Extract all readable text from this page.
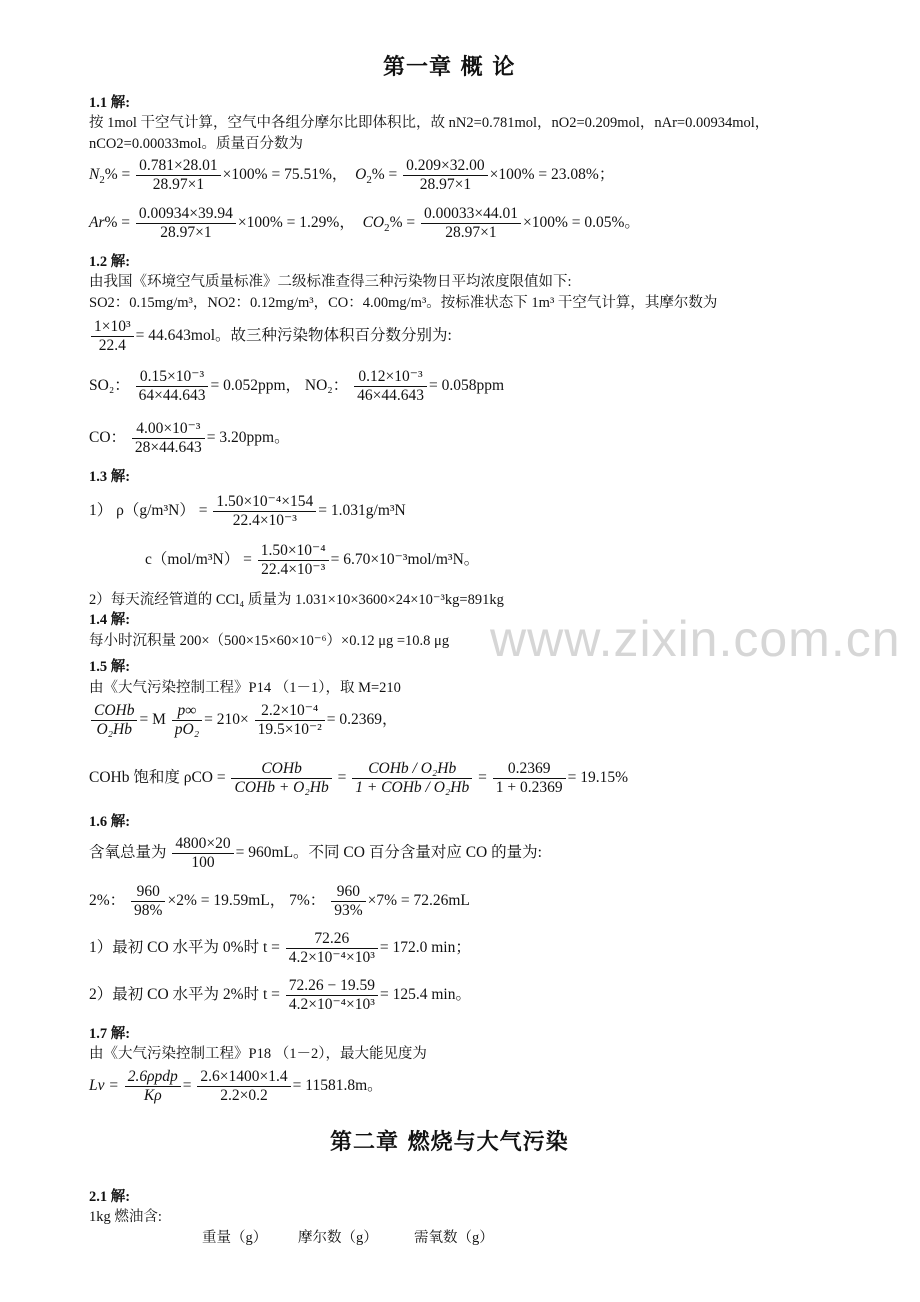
www.zixin.com.cn
第一章 概 论
1.1 解:
按 1mol 干空气计算，空气中各组分摩尔比即体积比，故 nN2=0.781mol，nO2=0.209mol，nAr=0.00934mol，
nCO2=0.00033mol。质量百分数为
$N_2\% = \frac{0.781\times 28.01}{28.97\times 1} \times 100\% = 75.51\%$， $O_2\% = \frac{0.209\times 32.00}{28.97\times 1} \times 100\% = 23.08\%$；
$Ar\% = \frac{0.00934\times 39.94}{28.97\times 1} \times 100\% = 1.29\%$， $CO_2\% = \frac{0.00033\times 44.01}{28.97\times 1} \times 100\% = 0.05\%$。
1.2 解:
由我国《环境空气质量标准》二级标准查得三种污染物日平均浓度限值如下:
SO2：0.15mg/m³，NO2：0.12mg/m³，CO：4.00mg/m³。按标准状态下 1m³ 干空气计算，其摩尔数为
$\frac{\text{1×10³}}{22.4} = 44.643mol$。故三种污染物体积百分数分别为:
SO₂： $\frac{\text{0.15×10⁻³}}{64\times 44.643} = 0.052ppm$， NO₂： $\frac{\text{0.12×10⁻³}}{46\times 44.643} = 0.058ppm$
CO： $\frac{\text{4.00×10⁻³}}{28\times 44.643} = 3.20ppm$。
1.3 解:
1） $\rho(g/m^3N) = \frac{\text{1.50×10⁻⁴×154}}{\text{22.4×10⁻³}} = 1.031g/m^3N$
$c(mol/m^3N) = \frac{\text{1.50×10⁻⁴}}{\text{22.4×10⁻³}} = 6.70\times 10^{-3}mol/m^3N$。
2）每天流经管道的 CCl₄ 质量为 1.031×10×3600×24×10⁻³kg=891kg
1.4 解:
每小时沉积量 200×（500×15×60×10⁻⁶）×0.12 μg =10.8 μg
1.5 解:
由《大气污染控制工程》P14 （1－1），取 M=210
$\frac{\text{COHb}}{\text{O₂Hb}} = M \frac{p\infty}{\text{pO₂}} = 210\times \frac{\text{2.2×10⁻⁴}}{\text{19.5×10⁻²}} = 0.2369$，
COHb 饱和度 $\rho CO = \frac{\text{COHb}}{\text{COHb + O₂Hb}} = \frac{\text{COHb / O₂Hb}}{\text{1 + COHb / O₂Hb}} = \frac{0.2369}{1 + 0.2369} = 19.15\%$
1.6 解:
含氧总量为 $\frac{4800\times 20}{100} = 960mL$。不同 CO 百分含量对应 CO 的量为:
2%： $\frac{960}{98\%} \times 2\% = 19.59mL$， 7%： $\frac{960}{93\%} \times 7\% = 72.26mL$
1）最初 CO 水平为 0%时 $t = \frac{72.26}{\text{4.2×10⁻⁴×10³}} = 172.0$ min；
2）最初 CO 水平为 2%时 $t = \frac{72.26 - 19.59}{\text{4.2×10⁻⁴×10³}} = 125.4$ min。
1.7 解:
由《大气污染控制工程》P18 （1－2），最大能见度为
$Lv = \frac{\text{2.6ρpdp}}{K\rho} = \frac{2.6\times 1400\times 1.4}{2.2\times 0.2} = 11581.8m$。
第二章 燃烧与大气污染
2.1 解:
1kg 燃油含:
重量（g） 摩尔数（g）	需氧数（g）
